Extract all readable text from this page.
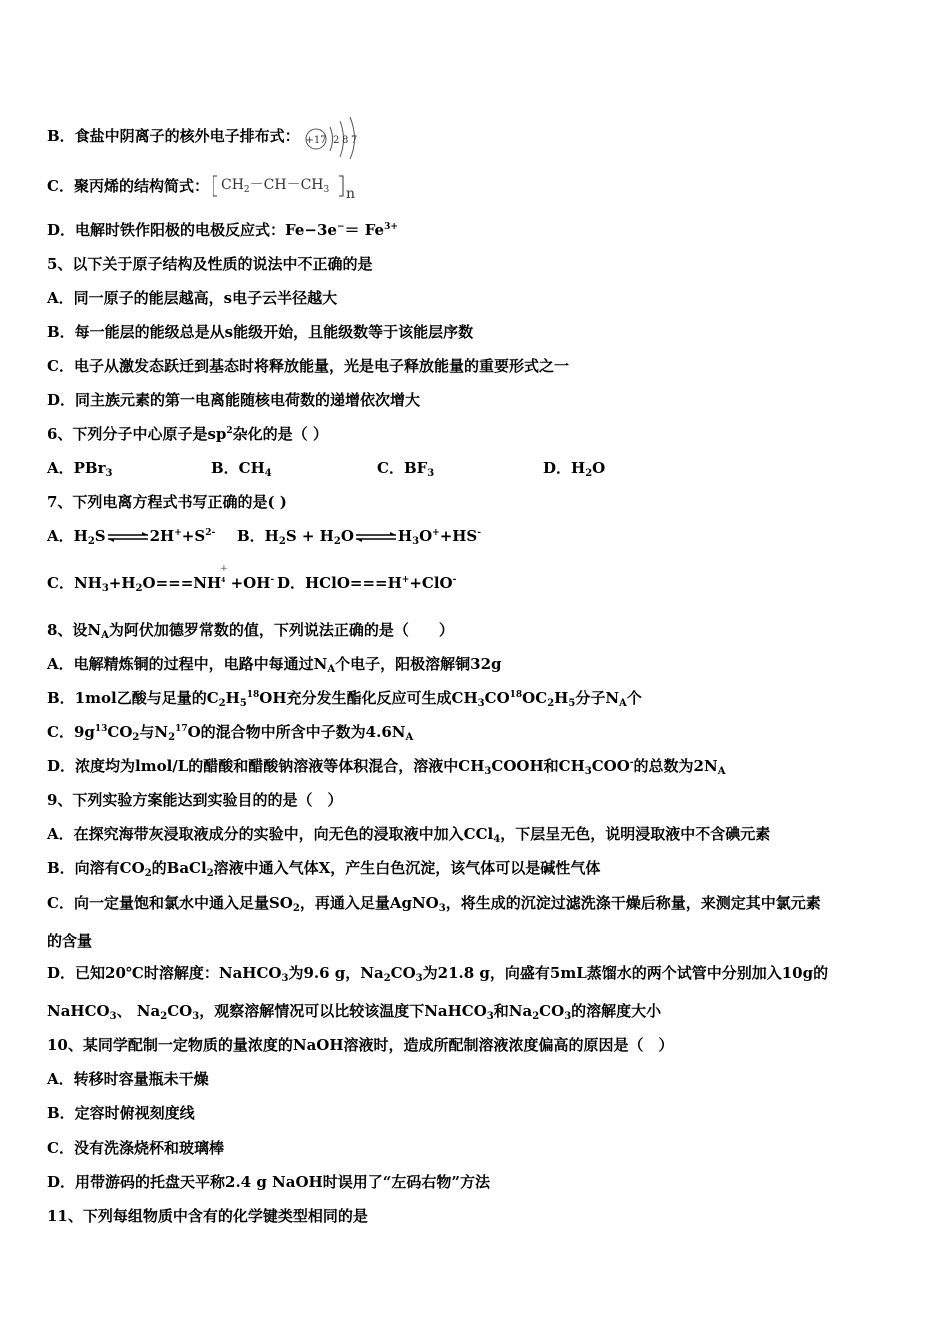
B．食盐中阴离子的核外电子排布式： +17 2 8 7
C．聚丙烯的结构简式： $CH_2-CH-CH_3$ n
D．电解时铁作阳极的电极反应式：$Fe-3e^-= Fe^{3+}$
5、以下关于原子结构及性质的说法中不正确的是
A．同一原子的能层越高，s电子云半径越大
B．每一能层的能级总是从s能级开始，且能级数等于该能层序数
C．电子从激发态跃迁到基态时将释放能量，光是电子释放能量的重要形式之一
D．同主族元素的第一电离能随核电荷数的递增依次增大
6、下列分子中心原子是$sp^2$杂化的是（ ）
A．PBr$_3$	B．$CH_4$	C．$BF_3$	D．$H_2O$
7、下列电离方程式书写正确的是( )
A．$H_2S\rightleftharpoons 2H^++S^{2-}$ B．$H_2S$ + $H_2O\rightleftharpoons H_3O^++HS^-$
C．$NH_3+H_2O===NH$
+
$^4$ +OH- D．HClO===H++ClO-
8、设$N_A$为阿伏加德罗常数的值，下列说法正确的是（　　）
A．电解精炼铜的过程中，电路中每通过$N_A$个电子，阳极溶解铜32g
B．1mol乙酸与足量的$C_2H_5^{18}OH$充分发生酯化反应可生成$CH_3CO^{18}OC_2H_5$分子$N_A$个
C．$9g^{13}CO_2$与$N_2^{17}O$的混合物中所含中子数为$4.6N_A$
D．浓度均为lmol/L的醋酸和醋酸钠溶液等体积混合，溶液中$CH_3COOH$和$CH_3COO^-$的总数为$2N_A$
9、下列实验方案能达到实验目的的是（　）
A．在探究海带灰浸取液成分的实验中，向无色的浸取液中加入CCl$_4$，下层呈无色，说明浸取液中不含碘元素
B．向溶有$CO_2$的BaCl$_2$溶液中通入气体X，产生白色沉淀，该气体可以是碱性气体
C．向一定量饱和氯水中通入足量$SO_2$，再通入足量AgNO$_3$，将生成的沉淀过滤洗涤干燥后称量，来测定其中氯元素
的含量
D．已知20℃时溶解度：NaHCO$_3$为9.6 g，$Na_2CO_3$为21.8 g，向盛有5mL蒸馏水的两个试管中分别加入10g的
NaHCO$_3$、 $Na_2CO_3$，观察溶解情况可以比较该温度下NaHCO$_3$和$Na_2CO_3$的溶解度大小
10、某同学配制一定物质的量浓度的NaOH溶液时，造成所配制溶液浓度偏高的原因是（　）
A．转移时容量瓶未干燥
B．定容时俯视刻度线
C．没有洗涤烧杯和玻璃棒
D．用带游码的托盘天平称2.4 g NaOH时误用了“左码右物”方法
11、下列每组物质中含有的化学键类型相同的是
